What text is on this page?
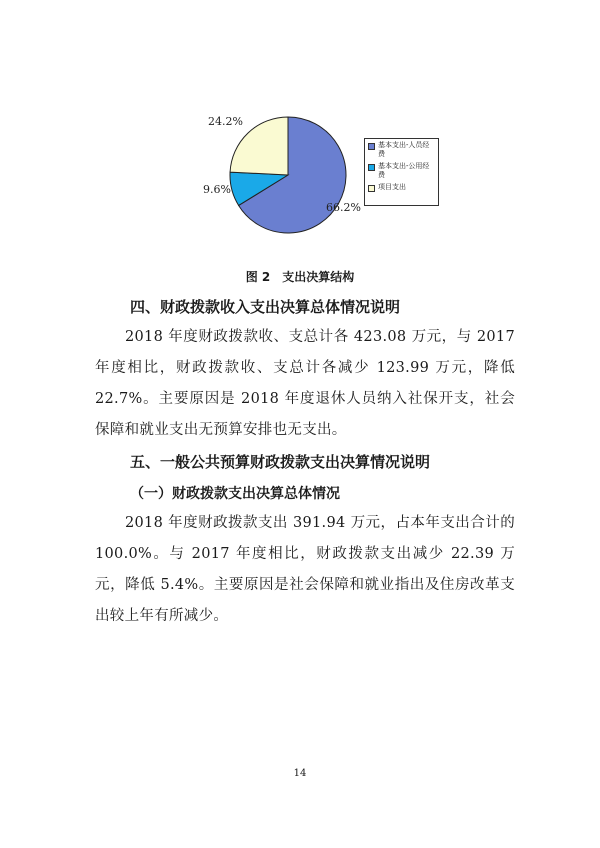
24.2%
9.6%
66.2%
基本支出-人员经费
基本支出-公用经费
项目支出
图 2　支出决算结构
四、财政拨款收入支出决算总体情况说明

2018 年度财政拨款收、支总计各 423.08 万元，与 2017 年度相比，财政拨款收、支总计各减少 123.99 万元，降低 22.7%。主要原因是 2018 年度退休人员纳入社保开支，社会保障和就业支出无预算安排也无支出。

五、一般公共预算财政拨款支出决算情况说明
（一）财政拨款支出决算总体情况

2018 年度财政拨款支出 391.94 万元，占本年支出合计的 100.0%。与 2017 年度相比，财政拨款支出减少 22.39 万元，降低 5.4%。主要原因是社会保障和就业指出及住房改革支出较上年有所减少。

14
